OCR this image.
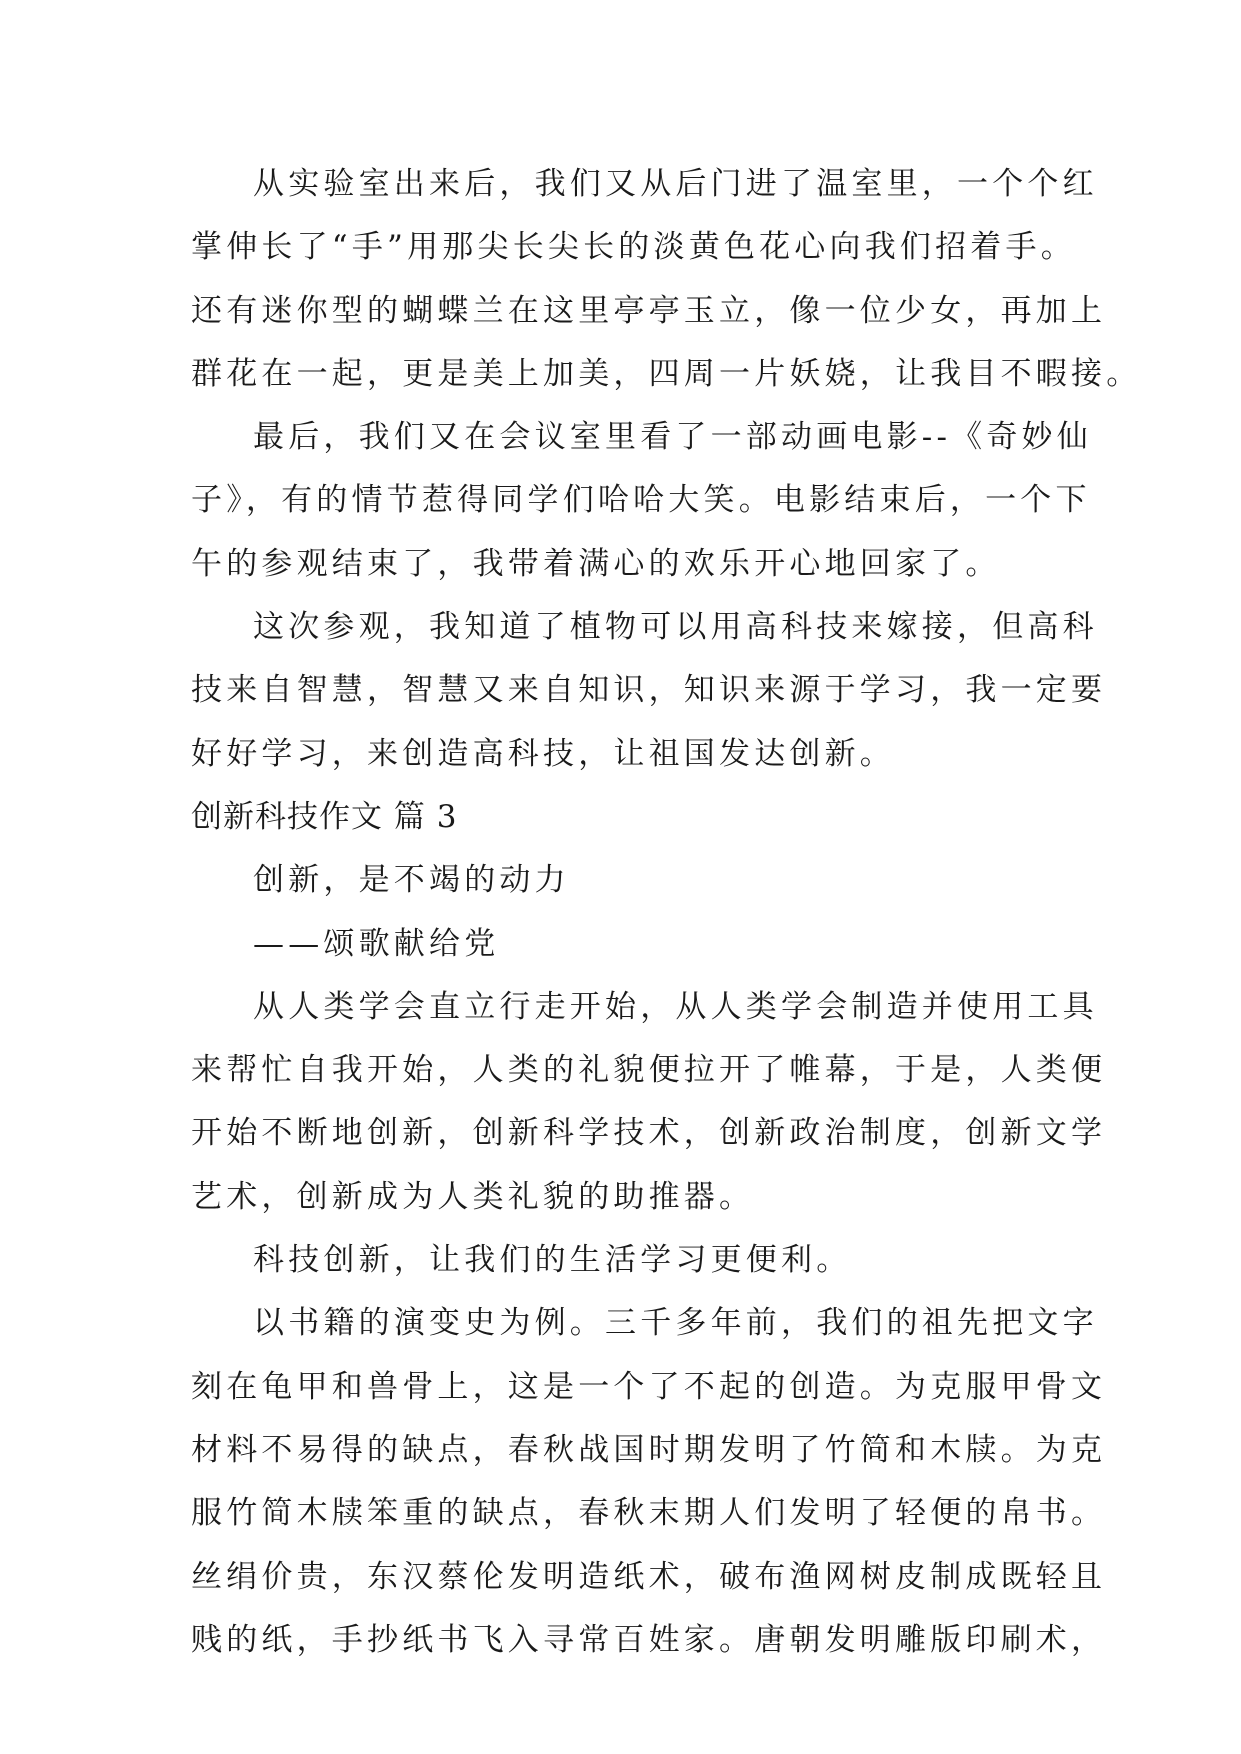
从实验室出来后，我们又从后门进了温室里，一个个红
掌伸长了“手”用那尖长尖长的淡黄色花心向我们招着手。
还有迷你型的蝴蝶兰在这里亭亭玉立，像一位少女，再加上
群花在一起，更是美上加美，四周一片妖娆，让我目不暇接。
最后，我们又在会议室里看了一部动画电影--《奇妙仙
子》，有的情节惹得同学们哈哈大笑。电影结束后，一个下
午的参观结束了，我带着满心的欢乐开心地回家了。
这次参观，我知道了植物可以用高科技来嫁接，但高科
技来自智慧，智慧又来自知识，知识来源于学习，我一定要
好好学习，来创造高科技，让祖国发达创新。
创新科技作文 篇 3
创新，是不竭的动力
——颂歌献给党
从人类学会直立行走开始，从人类学会制造并使用工具
来帮忙自我开始，人类的礼貌便拉开了帷幕，于是，人类便
开始不断地创新，创新科学技术，创新政治制度，创新文学
艺术，创新成为人类礼貌的助推器。
科技创新，让我们的生活学习更便利。
以书籍的演变史为例。三千多年前，我们的祖先把文字
刻在龟甲和兽骨上，这是一个了不起的创造。为克服甲骨文
材料不易得的缺点，春秋战国时期发明了竹简和木牍。为克
服竹简木牍笨重的缺点，春秋末期人们发明了轻便的帛书。
丝绢价贵，东汉蔡伦发明造纸术，破布渔网树皮制成既轻且
贱的纸，手抄纸书飞入寻常百姓家。唐朝发明雕版印刷术，
